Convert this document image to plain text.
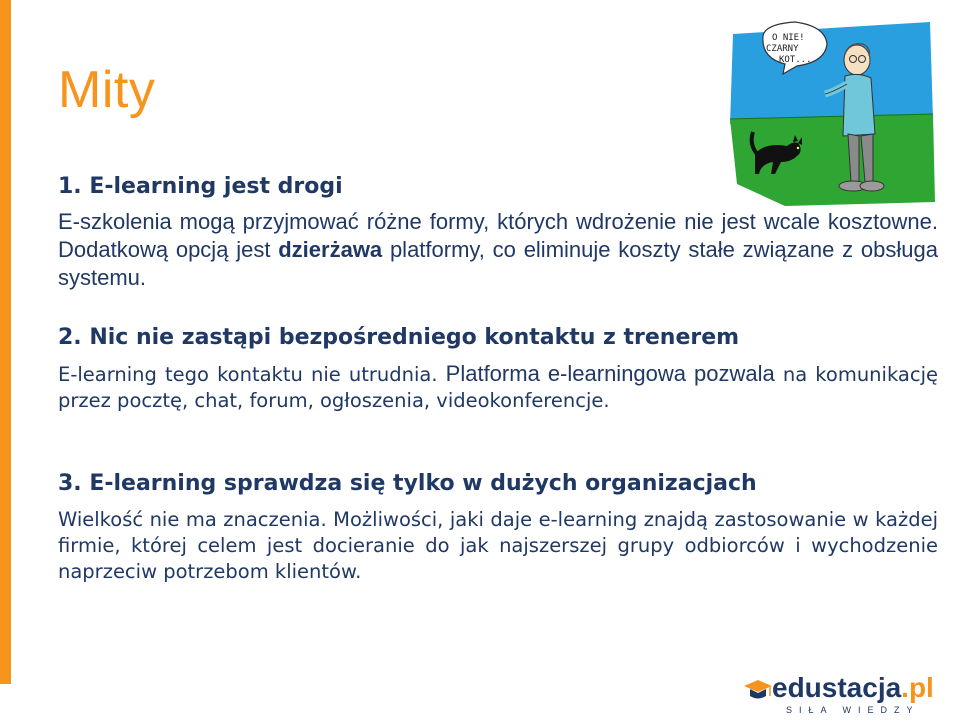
Mity
1. E-learning jest drogi

E-szkolenia mogą przyjmować różne formy, których wdrożenie nie jest wcale kosztowne. Dodatkową opcją jest dzierżawa platformy, co eliminuje koszty stałe związane z obsługa systemu.

2. Nic nie zastąpi bezpośredniego kontaktu z trenerem

E-learning tego kontaktu nie utrudnia. Platforma e-learningowa pozwala na komunikację przez pocztę, chat, forum, ogłoszenia, videokonferencje.

3. E-learning sprawdza się tylko w dużych organizacjach

Wielkość nie ma znaczenia. Możliwości, jaki daje e-learning znajdą zastosowanie w każdej firmie, której celem jest docieranie do jak najszerszej grupy odbiorców i wychodzenie naprzeciw potrzebom klientów.

O NIE!
CZARNY
KOT...
edustacja.pl
SIŁA WIEDZY
